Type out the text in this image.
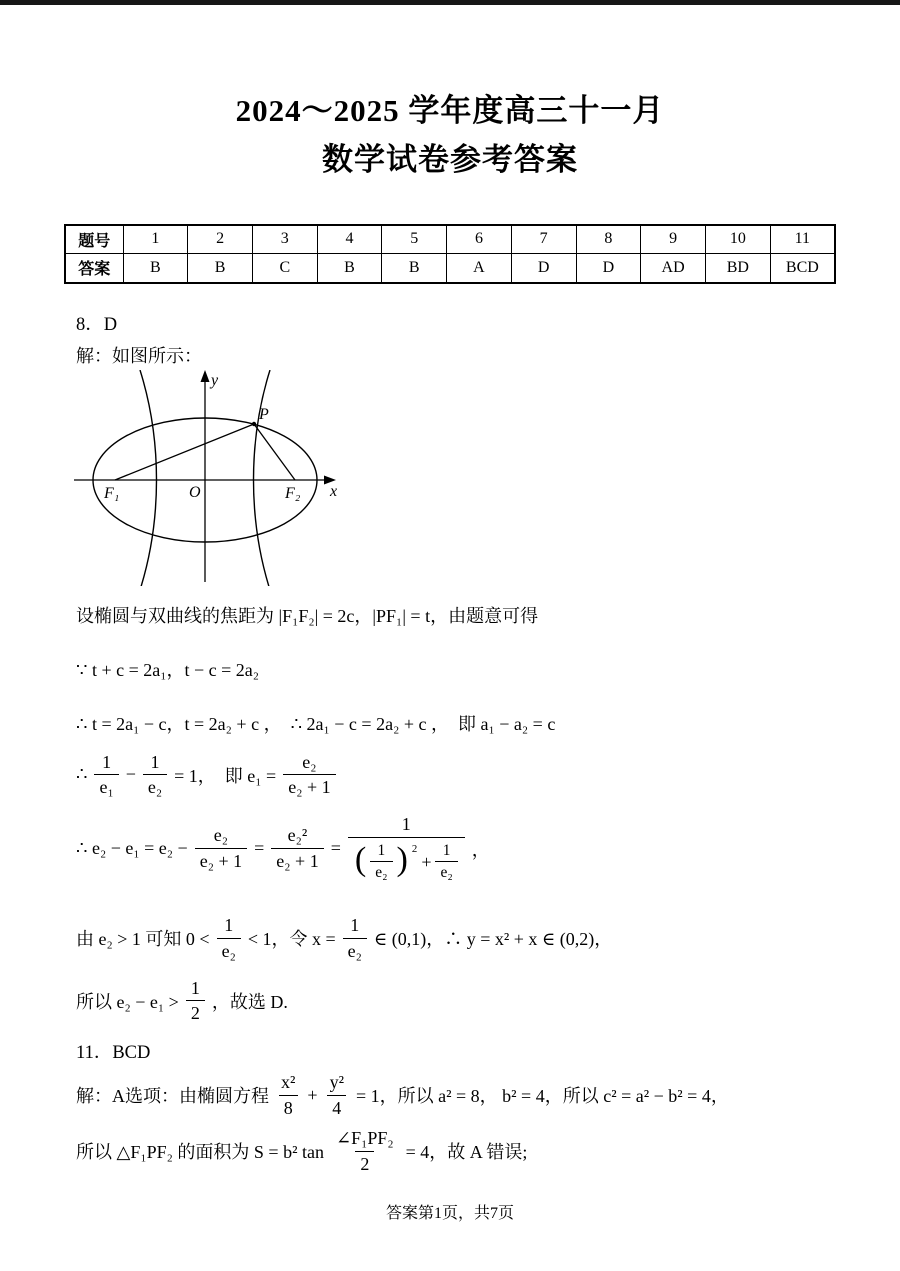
2024～2025 学年度高三十一月
数学试卷参考答案
题号	1	2	3	4	5	6	7	8	9	10	11
答案	B	B	C	B	B	A	D	D	AD	BD	BCD

8．D

解：如图所示：

y
x
P
O
F₁	F₂

设椭圆与双曲线的焦距为 |F₁F₂| = 2c，|PF₁| = t，由题意可得

∵ t + c = 2a₁，t − c = 2a₂

∴ t = 2a₁ − c，t = 2a₂ + c ，  ∴ 2a₁ − c = 2a₂ + c ，  即 a₁ − a₂ = c

∴ $\frac{1}{\text{e₁}} - \frac{1}{\text{e₂}} = 1$，  即 $e_1 = \frac{\text{e₂}}{\text{e₂ + 1}}$

∴ $e_2 - e_1 = e_2 - \frac{\text{e₂}}{\text{e₂ + 1}} = \frac{\text{e₂²}}{\text{e₂ + 1}}$ =
1
( $\frac{1}{\text{e₂}}$ ) 2
+ $\frac{1}{\text{e₂}}$ ，

由 e₂ > 1 可知 $0 < \frac{1}{\text{e₂}} < 1$，令 $x = \frac{1}{\text{e₂}}$ ∈ (0,1)，∴ y = x² + x ∈ (0,2)，

所以 $e_2 - e_1 > \frac{1}{2}$ ，故选 D.

11．BCD

解：A选项：由椭圆方程 $\frac{\text{x²}}{8} + \frac{\text{y²}}{4} = 1$，所以 a² = 8， b² = 4，所以 c² = a² − b² = 4，

所以 △F₁PF₂ 的面积为 S = b² $\tan \frac{\text{∠F₁PF₂}}{2} = 4$，故 A 错误;

答案第1页，共7页
